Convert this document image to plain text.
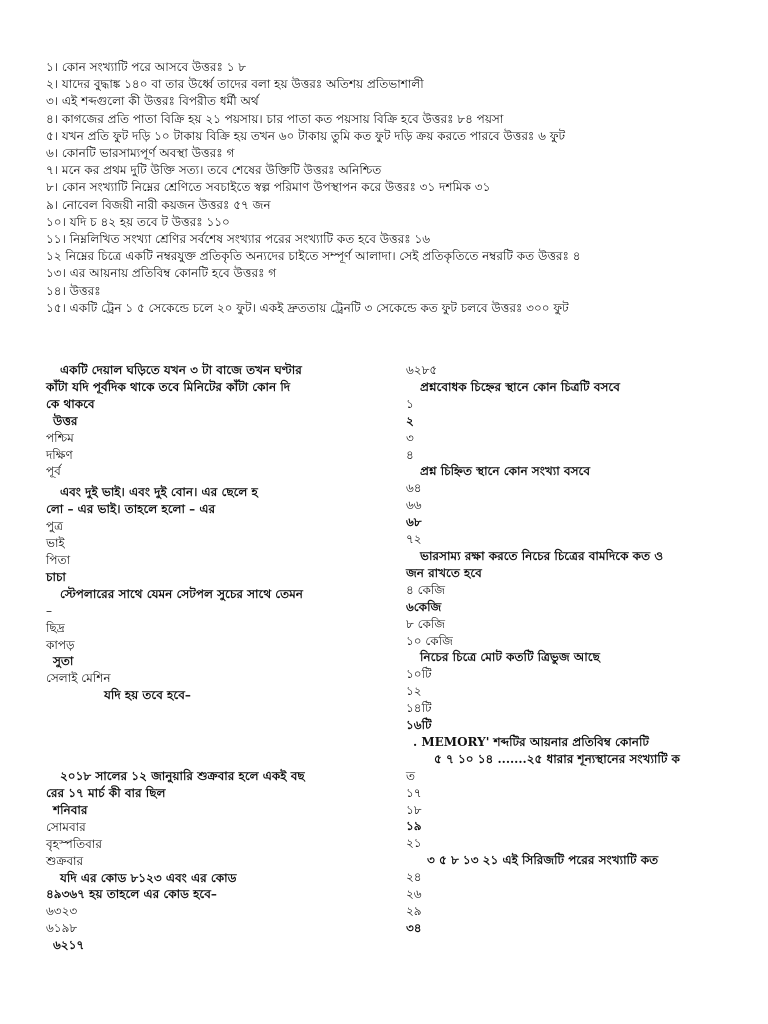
১। কোন সংখ্যাটি পরে আসবে উত্তরঃ ১ ৮
২। যাদের বুদ্ধাঙ্ক ১৪০ বা তার উর্ধ্বে তাদের বলা হয় উত্তরঃ অতিশয় প্রতিভাশালী
৩। এই শব্দগুলো কী উত্তরঃ বিপরীত ধর্মী অর্থ
৪। কাগজের প্রতি পাতা বিক্রি হয় ২১ পয়সায়। চার পাতা কত পয়সায় বিক্রি হবে উত্তরঃ ৮৪ পয়সা
৫। যখন প্রতি ফুট দড়ি ১০ টাকায় বিক্রি হয় তখন ৬০ টাকায় তুমি কত ফুট দড়ি ক্রয় করতে পারবে উত্তরঃ ৬ ফুট
৬। কোনটি ভারসাম্যপূর্ণ অবস্থা উত্তরঃ গ
৭। মনে কর প্রথম দুটি উক্তি সত্য। তবে শেষের উক্তিটি উত্তরঃ অনিশ্চিত
৮। কোন সংখ্যাটি নিম্নের শ্রেণিতে সবচাইতে স্বল্প পরিমাণ উপস্থাপন করে উত্তরঃ ৩১ দশমিক ৩১
৯। নোবেল বিজয়ী নারী কয়জন উত্তরঃ ৫৭ জন
১০। যদি চ ৪২ হয় তবে ট উত্তরঃ ১১০
১১। নিম্নলিখিত সংখ্যা শ্রেণির সর্বশেষ সংখ্যার পরের সংখ্যাটি কত হবে উত্তরঃ ১৬
১২ নিম্নের চিত্রে একটি নম্বরযুক্ত প্রতিকৃতি অন্যদের চাইতে সম্পূর্ণ আলাদা। সেই প্রতিকৃতিতে নম্বরটি কত উত্তরঃ ৪
১৩। এর আয়নায় প্রতিবিম্ব কোনটি হবে উত্তরঃ গ
১৪। উত্তরঃ
১৫। একটি ট্রেন ১ ৫ সেকেন্ডে চলে ২০ ফুট। একই দ্রুততায় ট্রেনটি ৩ সেকেন্ডে কত ফুট চলবে উত্তরঃ ৩০০ ফুট
একটি দেয়াল ঘড়িতে যখন ৩ টা বাজে তখন ঘণ্টার
কাঁটা যদি পূর্বদিক থাকে তবে মিনিটের কাঁটা কোন দি
কে থাকবে
উত্তর
পশ্চিম
দক্ষিণ
পূর্ব
এবং দুই ভাই। এবং দুই বোন। এর ছেলে হ
লো – এর ভাই। তাহলে হলো – এর
পুত্র
ভাই
পিতা
চাচা
স্টেপলারের সাথে যেমন সেটপল সুচের সাথে তেমন
–
ছিদ্র
কাপড়
সুতা
সেলাই মেশিন
যদি হয় তবে হবে–
২০১৮ সালের ১২ জানুয়ারি শুক্রবার হলে একই বছ
রের ১৭ মার্চ কী বার ছিল
শনিবার
সোমবার
বৃহস্পতিবার
শুক্রবার
যদি এর কোড ৮১২৩ এবং এর কোড
৪৯৩৬৭ হয় তাহলে এর কোড হবে–
৬৩২৩
৬১৯৮
৬২১৭
৬২৮৫
প্রশ্নবোধক চিহ্নের স্থানে কোন চিত্রটি বসবে
১
২
৩
৪
প্রশ্ন চিহ্নিত স্থানে কোন সংখ্যা বসবে
৬৪
৬৬
৬৮
৭২
ভারসাম্য রক্ষা করতে নিচের চিত্রের বামদিকে কত ও
জন রাখতে হবে
৪ কেজি
৬কেজি
৮ কেজি
১০ কেজি
নিচের চিত্রে মোট কতটি ত্রিভুজ আছে
১০টি
১২
১৪টি
১৬টি
. MEMORY' শব্দটির আয়নার প্রতিবিম্ব কোনটি
৫ ৭ ১০ ১৪ .......২৫ ধারার শূন্যস্থানের সংখ্যাটি ক
ত
১৭
১৮
১৯
২১
৩ ৫ ৮ ১৩ ২১ এই সিরিজটি পরের সংখ্যাটি কত
২৪
২৬
২৯
৩৪
